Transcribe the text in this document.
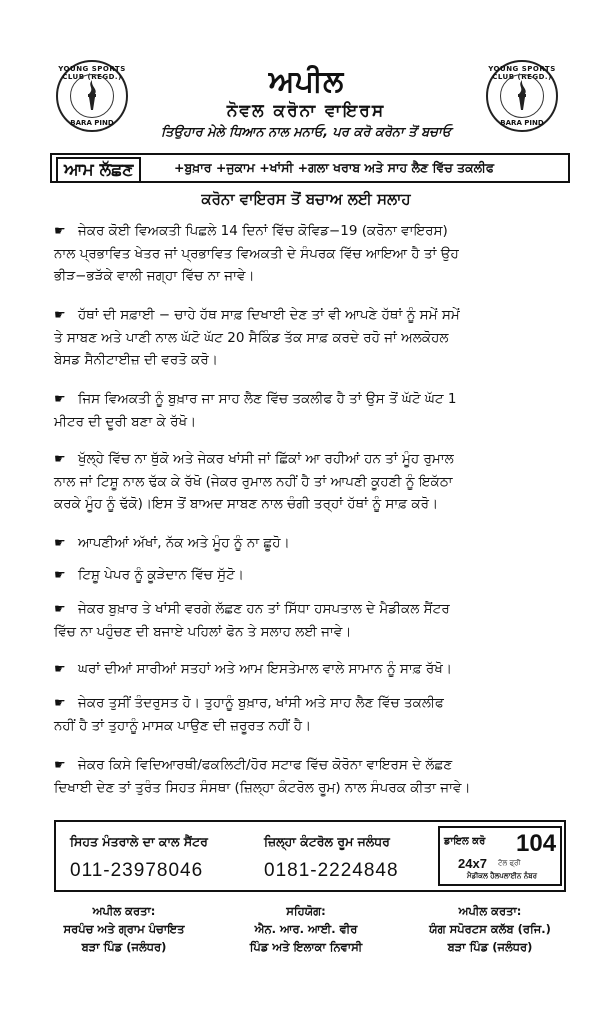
YOUNG SPORTS CLUB (REGD.)
BARA PIND
YOUNG SPORTS CLUB (REGD.)
BARA PIND
ਅਪੀਲ
ਨੋਵਲ ਕਰੋਨਾ ਵਾਇਰਸ
ਤਿਉਹਾਰ ਮੇਲੇ ਧਿਆਨ ਨਾਲ ਮਨਾਓ, ਪਰ ਕਰੋ ਕਰੋਨਾ ਤੋਂ ਬਚਾਓ
ਆਮ ਲੱਛਣ	+ਬੁਖ਼ਾਰ +ਜੁਕਾਮ +ਖਾਂਸੀ +ਗਲਾ ਖਰਾਬ ਅਤੇ ਸਾਹ ਲੈਣ ਵਿੱਚ ਤਕਲੀਫ
ਕਰੋਨਾ ਵਾਇਰਸ ਤੋਂ ਬਚਾਅ ਲਈ ਸਲਾਹ
☛ ਜੇਕਰ ਕੋਈ ਵਿਅਕਤੀ ਪਿਛਲੇ 14 ਦਿਨਾਂ ਵਿੱਚ ਕੋਵਿਡ−19 (ਕਰੋਨਾ ਵਾਇਰਸ)
ਨਾਲ ਪ੍ਰਭਾਵਿਤ ਖੇਤਰ ਜਾਂ ਪ੍ਰਭਾਵਿਤ ਵਿਅਕਤੀ ਦੇ ਸੰਪਰਕ ਵਿੱਚ ਆਇਆ ਹੈ ਤਾਂ ਉਹ
ਭੀੜ−ਭੜੱਕੇ ਵਾਲੀ ਜਗ੍ਹਾ ਵਿੱਚ ਨਾ ਜਾਵੇ।
☛ ਹੱਥਾਂ ਦੀ ਸਫ਼ਾਈ − ਚਾਹੇ ਹੱਥ ਸਾਫ਼ ਦਿਖਾਈ ਦੇਣ ਤਾਂ ਵੀ ਆਪਣੇ ਹੱਥਾਂ ਨੂੰ ਸਮੇਂ ਸਮੇਂ
ਤੇ ਸਾਬਣ ਅਤੇ ਪਾਣੀ ਨਾਲ ਘੱਟੋ ਘੱਟ 20 ਸੈਕਿੰਡ ਤੱਕ ਸਾਫ਼ ਕਰਦੇ ਰਹੋ ਜਾਂ ਅਲਕੋਹਲ
ਬੇਸਡ ਸੈਨੀਟਾਈਜ਼ ਦੀ ਵਰਤੋ ਕਰੋ।
☛ ਜਿਸ ਵਿਅਕਤੀ ਨੂੰ ਬੁਖ਼ਾਰ ਜਾ ਸਾਹ ਲੈਣ ਵਿੱਚ ਤਕਲੀਫ ਹੈ ਤਾਂ ਉਸ ਤੋਂ ਘੱਟੋ ਘੱਟ 1
ਮੀਟਰ ਦੀ ਦੂਰੀ ਬਣਾ ਕੇ ਰੱਖੋ।
☛ ਖੁੱਲ੍ਹੇ ਵਿੱਚ ਨਾ ਥੁੱਕੋ ਅਤੇ ਜੇਕਰ ਖਾਂਸੀ ਜਾਂ ਛਿੱਕਾਂ ਆ ਰਹੀਆਂ ਹਨ ਤਾਂ ਮੂੰਹ ਰੁਮਾਲ
ਨਾਲ ਜਾਂ ਟਿਸ਼ੂ ਨਾਲ ਢੱਕ ਕੇ ਰੱਖੋ (ਜੇਕਰ ਰੁਮਾਲ ਨਹੀਂ ਹੈ ਤਾਂ ਆਪਣੀ ਕੂਹਣੀ ਨੂੰ ਇਕੱਠਾ
ਕਰਕੇ ਮੂੰਹ ਨੂੰ ਢੱਕੋ)।ਇਸ ਤੋਂ ਬਾਅਦ ਸਾਬਣ ਨਾਲ ਚੰਗੀ ਤਰ੍ਹਾਂ ਹੱਥਾਂ ਨੂੰ ਸਾਫ਼ ਕਰੋ।
☛ ਆਪਣੀਆਂ ਅੱਖਾਂ, ਨੱਕ ਅਤੇ ਮੂੰਹ ਨੂੰ ਨਾ ਛੂਹੋ।
☛ ਟਿਸ਼ੂ ਪੇਪਰ ਨੂੰ ਕੂੜੇਦਾਨ ਵਿੱਚ ਸੁੱਟੋ।
☛ ਜੇਕਰ ਬੁਖ਼ਾਰ ਤੇ ਖਾਂਸੀ ਵਰਗੇ ਲੱਛਣ ਹਨ ਤਾਂ ਸਿੱਧਾ ਹਸਪਤਾਲ ਦੇ ਮੈਡੀਕਲ ਸੈਂਟਰ
ਵਿੱਚ ਨਾ ਪਹੁੰਚਣ ਦੀ ਬਜਾਏ ਪਹਿਲਾਂ ਫੋਨ ਤੇ ਸਲਾਹ ਲਈ ਜਾਵੇ।
☛ ਘਰਾਂ ਦੀਆਂ ਸਾਰੀਆਂ ਸਤਹਾਂ ਅਤੇ ਆਮ ਇਸਤੇਮਾਲ ਵਾਲੇ ਸਾਮਾਨ ਨੂੰ ਸਾਫ਼ ਰੱਖੋ।
☛ ਜੇਕਰ ਤੁਸੀਂ ਤੰਦਰੁਸਤ ਹੋ। ਤੁਹਾਨੂੰ ਬੁਖ਼ਾਰ, ਖਾਂਸੀ ਅਤੇ ਸਾਹ ਲੈਣ ਵਿੱਚ ਤਕਲੀਫ
ਨਹੀਂ ਹੈ ਤਾਂ ਤੁਹਾਨੂੰ ਮਾਸਕ ਪਾਉਣ ਦੀ ਜ਼ਰੂਰਤ ਨਹੀਂ ਹੈ।
☛ ਜੇਕਰ ਕਿਸੇ ਵਿਦਿਆਰਥੀ/ਫਕਲਿਟੀ/ਹੋਰ ਸਟਾਫ ਵਿੱਚ ਕੋਰੋਨਾ ਵਾਇਰਸ ਦੇ ਲੱਛਣ
ਦਿਖਾਈ ਦੇਣ ਤਾਂ ਤੁਰੰਤ ਸਿਹਤ ਸੰਸਥਾ (ਜ਼ਿਲ੍ਹਾ ਕੰਟਰੋਲ ਰੂਮ) ਨਾਲ ਸੰਪਰਕ ਕੀਤਾ ਜਾਵੇ।
ਸਿਹਤ ਮੰਤਰਾਲੇ ਦਾ ਕਾਲ ਸੈਂਟਰ
011-23978046
ਜ਼ਿਲ੍ਹਾ ਕੰਟਰੋਲ ਰੂਮ ਜਲੰਧਰ
0181-2224848
ਡਾਇਲ ਕਰੋ 104
24x7 ਟੋਲ ਫ੍ਰੀ
ਮੈਡੀਕਲ ਹੈਲਪਲਾਈਨ ਨੰਬਰ
ਅਪੀਲ ਕਰਤਾ:
ਸਰਪੰਚ ਅਤੇ ਗ੍ਰਾਮ ਪੰਚਾਇਤ
ਬੜਾ ਪਿੰਡ (ਜਲੰਧਰ)
ਸਹਿਯੋਗ:
ਐਨ. ਆਰ. ਆਈ. ਵੀਰ
ਪਿੰਡ ਅਤੇ ਇਲਾਕਾ ਨਿਵਾਸੀ
ਅਪੀਲ ਕਰਤਾ:
ਯੰਗ ਸਪੋਰਟਸ ਕਲੱਬ (ਰਜਿ.)
ਬੜਾ ਪਿੰਡ (ਜਲੰਧਰ)
